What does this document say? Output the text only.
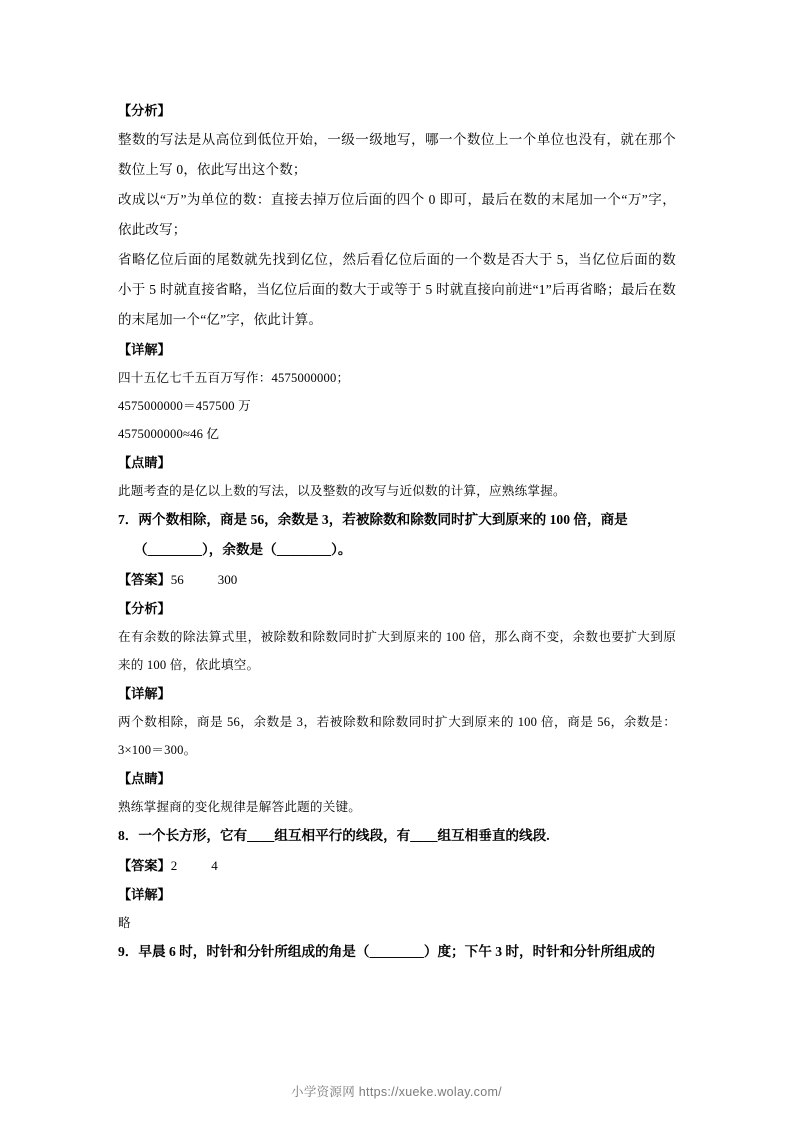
【分析】
整数的写法是从高位到低位开始，一级一级地写，哪一个数位上一个单位也没有，就在那个数位上写 0，依此写出这个数；
改成以“万”为单位的数：直接去掉万位后面的四个 0 即可，最后在数的末尾加一个“万”字，依此改写；
省略亿位后面的尾数就先找到亿位，然后看亿位后面的一个数是否大于 5，当亿位后面的数小于 5 时就直接省略，当亿位后面的数大于或等于 5 时就直接向前进“1”后再省略；最后在数的末尾加一个“亿”字，依此计算。
【详解】
四十五亿七千五百万写作：4575000000；
4575000000＝457500 万
4575000000≈46 亿
【点睛】
此题考查的是亿以上数的写法，以及整数的改写与近似数的计算，应熟练掌握。
7．两个数相除，商是 56，余数是 3，若被除数和除数同时扩大到原来的 100 倍，商是
（________），余数是（________）。
【答案】56	300
【分析】
在有余数的除法算式里，被除数和除数同时扩大到原来的 100 倍，那么商不变，余数也要扩大到原来的 100 倍，依此填空。
【详解】
两个数相除，商是 56，余数是 3，若被除数和除数同时扩大到原来的 100 倍，商是 56，余数是：3×100＝300。
【点睛】
熟练掌握商的变化规律是解答此题的关键。
8．一个长方形，它有____组互相平行的线段，有____组互相垂直的线段.
【答案】2	4
【详解】
略
9．早晨 6 时，时针和分针所组成的角是（________）度；下午 3 时，时针和分针所组成的
小学资源网 https://xueke.wolay.com/
